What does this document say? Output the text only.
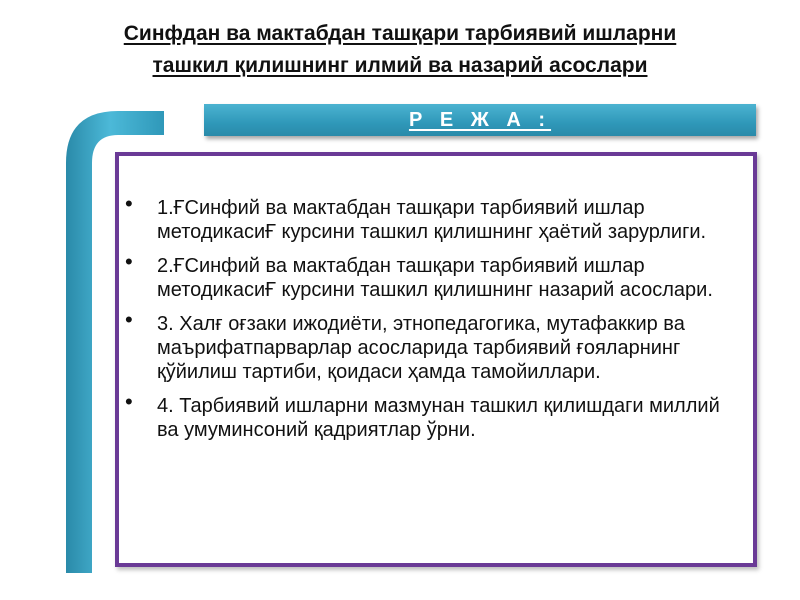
Синфдан ва мактабдан ташқари тарбиявий ишларни
ташкил қилишнинг илмий ва назарий асослари
Р Е Ж А :
• 1.ҒСинфий ва мактабдан ташқари тарбиявий ишлар методикасиҒ курсини ташкил қилишнинг ҳаётий зарурлиги.
• 2.ҒСинфий ва мактабдан ташқари тарбиявий ишлар методикасиҒ курсини ташкил қилишнинг назарий асослари.
• 3. Халғ оғзаки ижодиёти, этнопедагогика, мутафаккир ва маърифатпарварлар асосларида тарбиявий ғояларнинг қўйилиш тартиби, қоидаси ҳамда тамойиллари.
• 4. Тарбиявий ишларни мазмунан ташкил қилишдаги миллий ва умуминсоний қадриятлар ўрни.
